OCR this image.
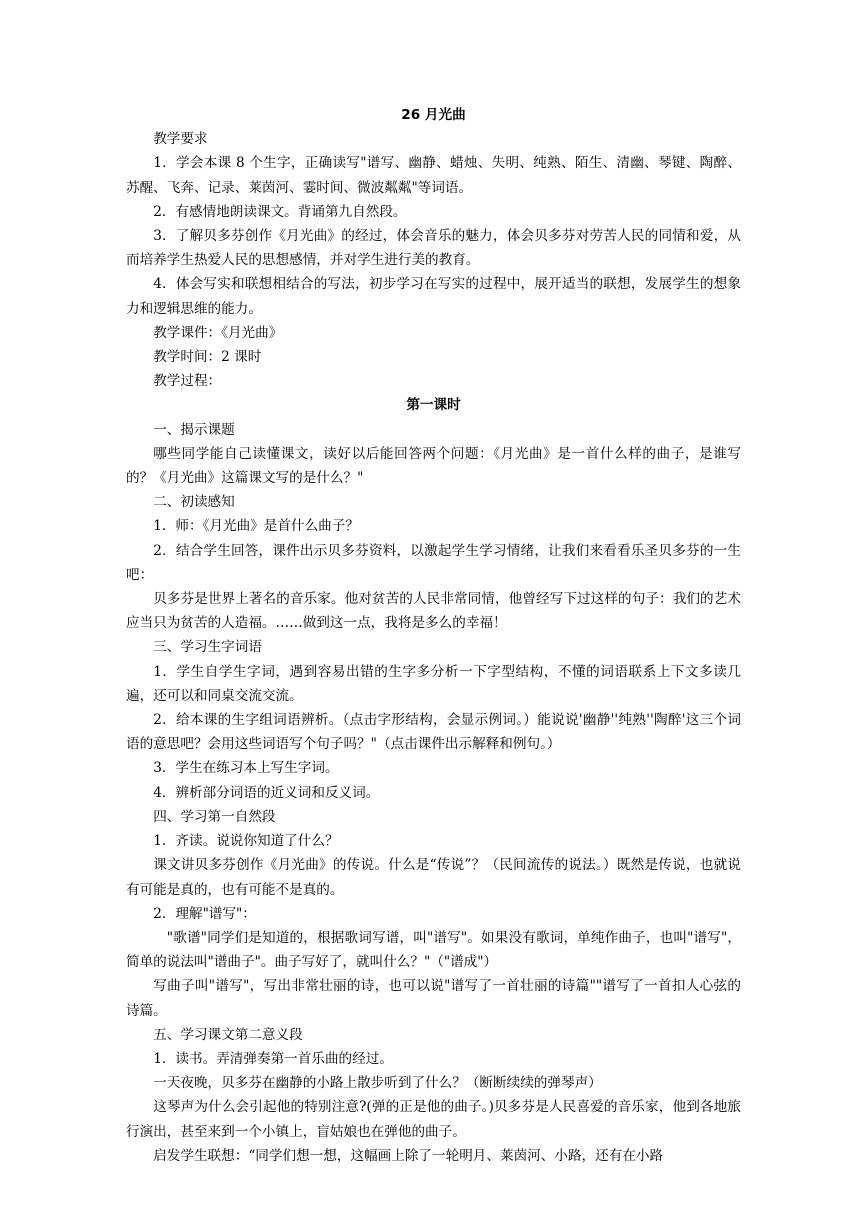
26 月光曲

教学要求

1．学会本课 8 个生字，正确读写"谱写、幽静、蜡烛、失明、纯熟、陌生、清幽、琴键、陶醉、苏醒、飞奔、记录、莱茵河、霎时间、微波粼粼"等词语。

2．有感情地朗读课文。背诵第九自然段。

3．了解贝多芬创作《月光曲》的经过，体会音乐的魅力，体会贝多芬对劳苦人民的同情和爱，从而培养学生热爱人民的思想感情，并对学生进行美的教育。

4．体会写实和联想相结合的写法，初步学习在写实的过程中，展开适当的联想，发展学生的想象力和逻辑思维的能力。

教学课件：《月光曲》

教学时间：2 课时

教学过程：

第一课时

一、揭示课题

哪些同学能自己读懂课文，读好以后能回答两个问题：《月光曲》是一首什么样的曲子，是谁写的？《月光曲》这篇课文写的是什么？"

二、初读感知

1．师：《月光曲》是首什么曲子？

2．结合学生回答，课件出示贝多芬资料，以激起学生学习情绪，让我们来看看乐圣贝多芬的一生吧：

贝多芬是世界上著名的音乐家。他对贫苦的人民非常同情，他曾经写下过这样的句子：我们的艺术应当只为贫苦的人造福。……做到这一点，我将是多么的幸福！

三、学习生字词语

1．学生自学生字词，遇到容易出错的生字多分析一下字型结构，不懂的词语联系上下文多读几遍，还可以和同桌交流交流。

2．给本课的生字组词语辨析。（点击字形结构，会显示例词。）能说说'幽静''纯熟''陶醉'这三个词语的意思吧？会用这些词语写个句子吗？"（点击课件出示解释和例句。）

3．学生在练习本上写生字词。

4．辨析部分词语的近义词和反义词。

四、学习第一自然段

1．齐读。说说你知道了什么？

课文讲贝多芬创作《月光曲》的传说。什么是“传说”？（民间流传的说法。）既然是传说，也就说有可能是真的，也有可能不是真的。

2．理解"谱写"：

"歌谱"同学们是知道的，根据歌词写谱，叫"谱写"。如果没有歌词，单纯作曲子，也叫"谱写"，简单的说法叫"谱曲子"。曲子写好了，就叫什么？"（"谱成"）

写曲子叫"谱写"，写出非常壮丽的诗，也可以说"谱写了一首壮丽的诗篇""谱写了一首扣人心弦的诗篇。

五、学习课文第二意义段

1．读书。弄清弹奏第一首乐曲的经过。

一天夜晚，贝多芬在幽静的小路上散步听到了什么？（断断续续的弹琴声）

这琴声为什么会引起他的特别注意?(弹的正是他的曲子。)贝多芬是人民喜爱的音乐家，他到各地旅行演出，甚至来到一个小镇上，盲姑娘也在弹他的曲子。

启发学生联想：“同学们想一想，这幅画上除了一轮明月、莱茵河、小路，还有在小路
